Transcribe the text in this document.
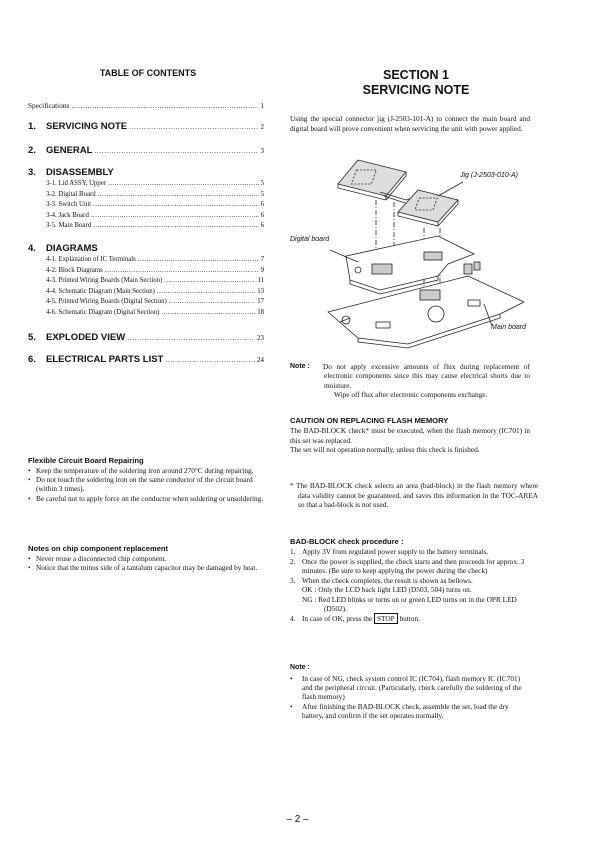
TABLE OF CONTENTS
Specifications .....	1
1. SERVICING NOTE .....	2
2. GENERAL .....	3
3. DISASSEMBLY
3-1. Lid ASSY, Upper .....	5
3-2. Digital Board .....	5
3-3. Switch Unit .....	6
3-4. Jack Board .....	6
3-5. Main Board .....	6
4. DIAGRAMS
4-1. Explanation of IC Terminals .....	7
4-2. Block Diagrams .....	9
4-3. Printed Wiring Boards (Main Section) .....	11
4-4. Schematic Diagram (Main Section) .....	13
4-5. Printed Wiring Boards (Digital Section) .....	17
4-6. Schematic Diagram (Digital Section) .....	18
5. EXPLODED VIEW .....	23
6. ELECTRICAL PARTS LIST .....	24
Flexible Circuit Board Repairing
• Keep the temperature of the soldering iron around 270°C during repairing.
• Do not touch the soldering iron on the same conductor of the circuit board (within 3 times).
• Be careful not to apply force on the conductor when soldering or unsoldering.
Notes on chip component replacement
• Never reuse a disconnected chip component.
• Notice that the minus side of a tantalum capacitor may be damaged by heat.
SECTION 1
SERVICING NOTE
Using the special connector jig (J-2503-101-A) to connect the main board and digital board will prove convenient when servicing the unit with power applied.
Jig (J-2503-010-A)
Digital board
Main board
Note : Do not apply excessive amounts of flux during replacement of electronic components since this may cause electrical shorts due to moisture.
Wipe off flux after electronic components exchange.
CAUTION ON REPLACING FLASH MEMORY
The BAD-BLOCK check* must be executed, when the flash memory (IC701) in this set was replaced.
The set will not operation normally, unless this check is finished.
* The BAD-BLOCK check selects an area (bad-block) in the flash memory where data validity cannot be guaranteed, and saves this information in the TOC-AREA so that a bad-block is not used.
BAD-BLOCK check procedure :
1. Apply 3V from regulated power supply to the battery terminals.
2. Once the power is supplied, the check starts and then proceeds for approx. 3 minutes. (Be sure to keep applying the power during the check)
3. When the check completes, the result is shown as bellows.
OK : Only the LCD back light LED (D503, 504) turns on.
NG : Red LED blinks or turns on or green LED turns on in the OPR LED (D502).
4. In case of OK, press the STOP button.
Note :
• In case of NG, check system control IC (IC704), flash memory IC (IC701) and the peripheral circuit. (Particularly, check carefully the soldering of the flash memory)
• After finishing the BAD-BLOCK check, assemble the set, load the dry battery, and confirm if the set operates normally.
– 2 –
